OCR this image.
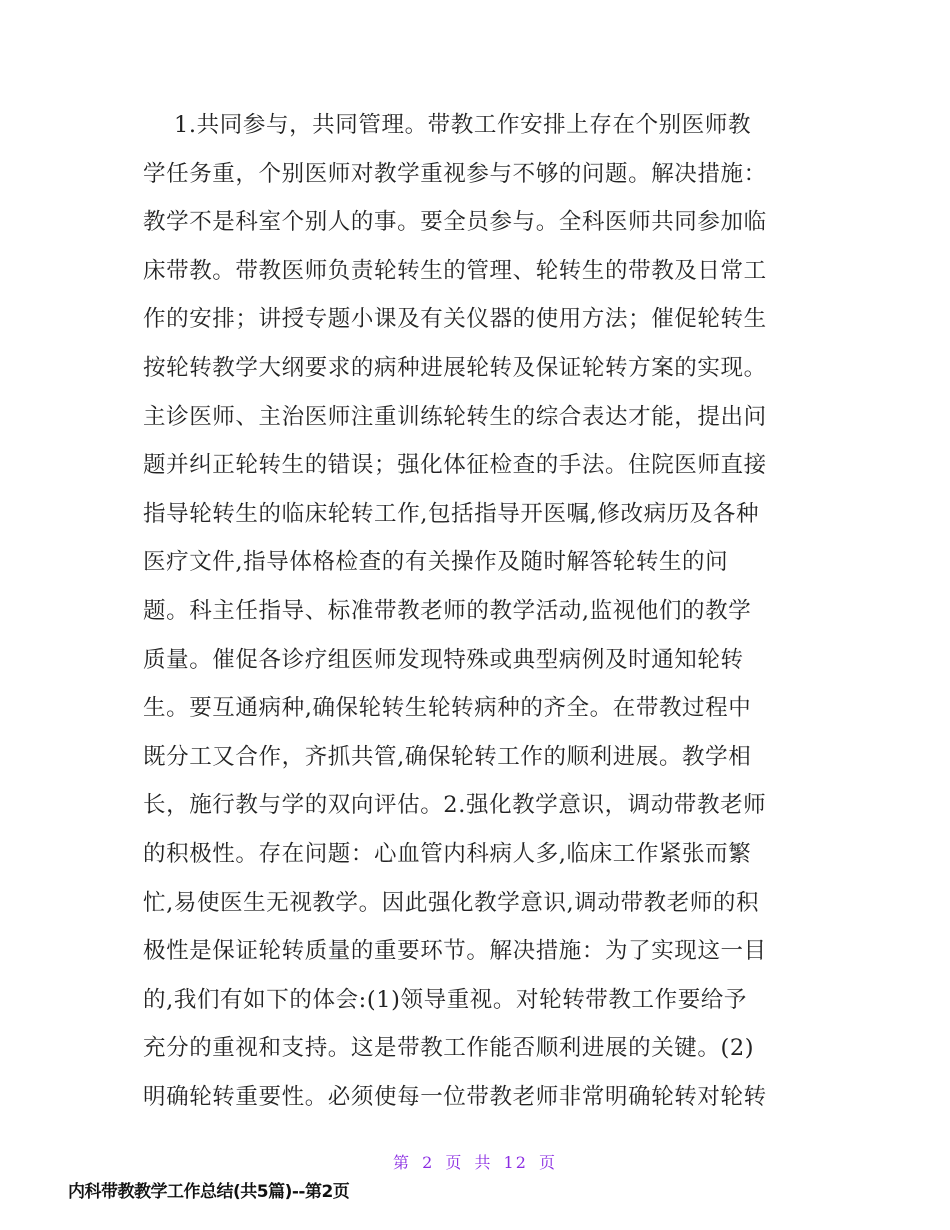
1.共同参与，共同管理。带教工作安排上存在个别医师教
学任务重，个别医师对教学重视参与不够的问题。解决措施：
教学不是科室个别人的事。要全员参与。全科医师共同参加临
床带教。带教医师负责轮转生的管理、轮转生的带教及日常工
作的安排；讲授专题小课及有关仪器的使用方法；催促轮转生
按轮转教学大纲要求的病种进展轮转及保证轮转方案的实现。
主诊医师、主治医师注重训练轮转生的综合表达才能，提出问
题并纠正轮转生的错误；强化体征检查的手法。住院医师直接
指导轮转生的临床轮转工作,包括指导开医嘱,修改病历及各种
医疗文件,指导体格检查的有关操作及随时解答轮转生的问
题。科主任指导、标准带教老师的教学活动,监视他们的教学
质量。催促各诊疗组医师发现特殊或典型病例及时通知轮转
生。要互通病种,确保轮转生轮转病种的齐全。在带教过程中
既分工又合作，齐抓共管,确保轮转工作的顺利进展。教学相
长，施行教与学的双向评估。2.强化教学意识，调动带教老师
的积极性。存在问题：心血管内科病人多,临床工作紧张而繁
忙,易使医生无视教学。因此强化教学意识,调动带教老师的积
极性是保证轮转质量的重要环节。解决措施：为了实现这一目
的,我们有如下的体会:(1)领导重视。对轮转带教工作要给予
充分的重视和支持。这是带教工作能否顺利进展的关键。(2)
明确轮转重要性。必须使每一位带教老师非常明确轮转对轮转
第 2 页 共 12 页
内科带教教学工作总结(共5篇)--第2页
